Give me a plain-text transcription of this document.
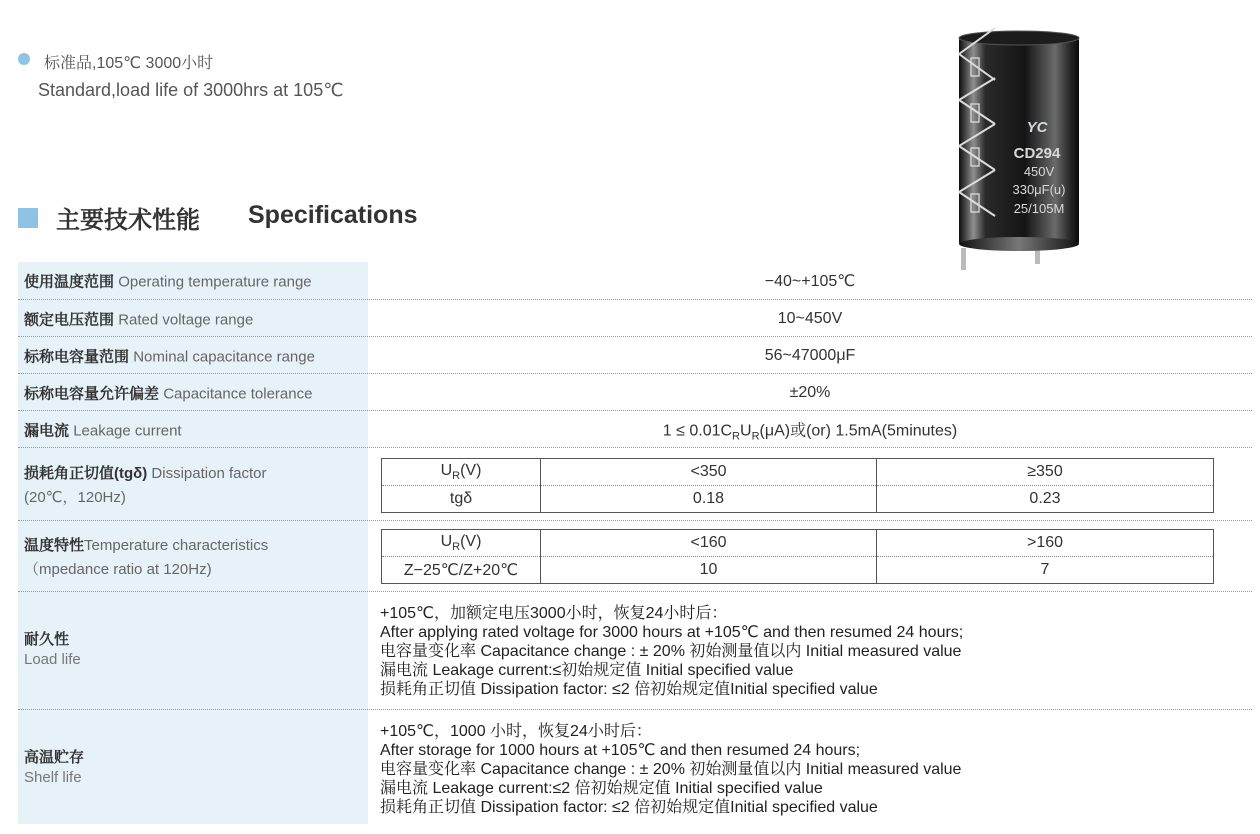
标准品,105℃ 3000小时
Standard,load life of 3000hrs at 105℃
主要技术性能 Specifications
YC
CD294
450V
330μF(u)
25/105M
使用温度范围 Operating temperature range	−40~+105℃
额定电压范围 Rated voltage range	10~450V
标称电容量范围 Nominal capacitance range	56~47000μF
标称电容量允许偏差 Capacitance tolerance	±20%
漏电流 Leakage current	$1 \le 0.01C_RU_R(\mu A)$或(or) 1.5mA(5minutes)
损耗角正切值(tgδ) Dissipation factor
(20℃，120Hz)
$U_R(V)$	<350	≥350
tgδ	0.18	0.23
温度特性Temperature characteristics
（mpedance ratio at 120Hz)
$U_R(V)$	<160	>160
Z−25℃/Z+20℃	10	7
耐久性
Load life
+105℃，加额定电压3000小时，恢复24小时后：
After applying rated voltage for 3000 hours at +105℃ and then resumed 24 hours;
电容量变化率 Capacitance change : ± 20% 初始测量值以内 Initial measured value
漏电流 Leakage current:≤初始规定值 Initial specified value
损耗角正切值 Dissipation factor: ≤2 倍初始规定值Initial specified value
高温贮存
Shelf life
+105℃，1000 小时，恢复24小时后：
After storage for 1000 hours at +105℃ and then resumed 24 hours;
电容量变化率 Capacitance change : ± 20% 初始测量值以内 Initial measured value
漏电流 Leakage current:≤2 倍初始规定值 Initial specified value
损耗角正切值 Dissipation factor: ≤2 倍初始规定值Initial specified value
